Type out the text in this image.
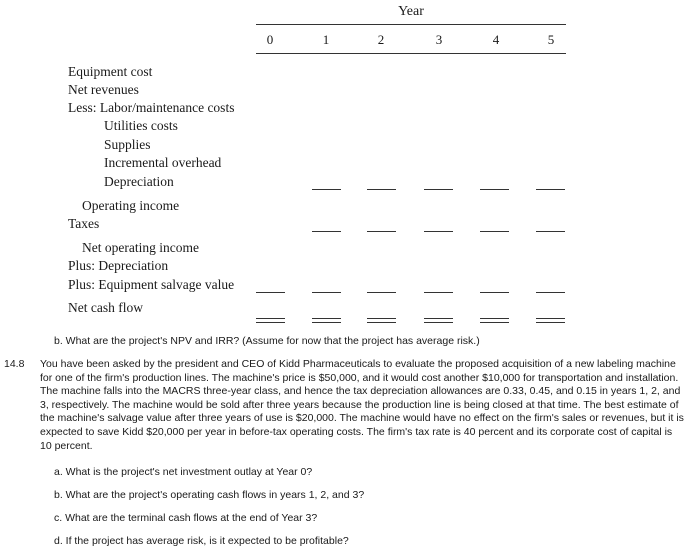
Year
0	1	2	3	4	5
Equipment cost
Net revenues
Less: Labor/maintenance costs
Utilities costs
Supplies
Incremental overhead
Depreciation
Operating income
Taxes
Net operating income
Plus: Depreciation
Plus: Equipment salvage value
Net cash flow
b. What are the project's NPV and IRR? (Assume for now that the project has average risk.)
14.8 You have been asked by the president and CEO of Kidd Pharmaceuticals to evaluate the proposed acquisition of a new labeling machine
for one of the firm's production lines. The machine's price is $50,000, and it would cost another $10,000 for transportation and installation.
The machine falls into the MACRS three-year class, and hence the tax depreciation allowances are 0.33, 0.45, and 0.15 in years 1, 2, and
3, respectively. The machine would be sold after three years because the production line is being closed at that time. The best estimate of
the machine's salvage value after three years of use is $20,000. The machine would have no effect on the firm's sales or revenues, but it is
expected to save Kidd $20,000 per year in before-tax operating costs. The firm's tax rate is 40 percent and its corporate cost of capital is
10 percent.
a. What is the project's net investment outlay at Year 0?
b. What are the project's operating cash flows in years 1, 2, and 3?
c. What are the terminal cash flows at the end of Year 3?
d. If the project has average risk, is it expected to be profitable?
